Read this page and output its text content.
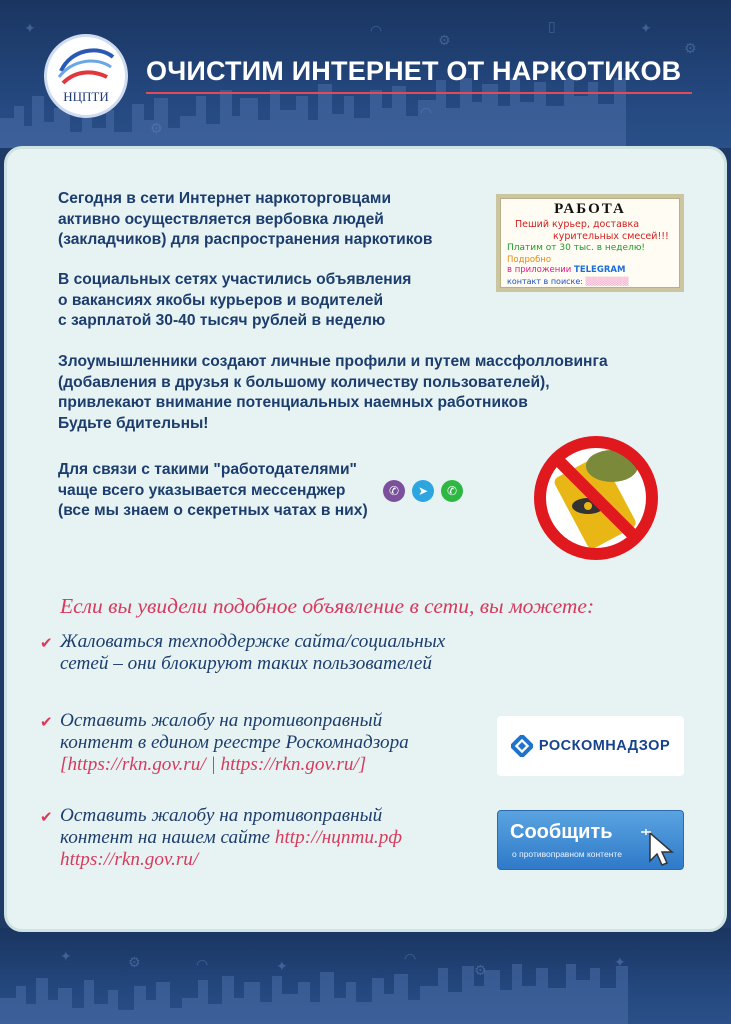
✦	◠
⚙
▯	✦
⚙
◠
⚙
НЦПТИ
ОЧИСТИМ ИНТЕРНЕТ ОТ НАРКОТИКОВ
✦	⚙	◠	✦	◠
⚙	✦
Сегодня в сети Интернет наркоторговцами
активно осуществляется вербовка людей
(закладчиков) для распространения наркотиков
В социальных сетях участились объявления
о вакансиях якобы курьеров и водителей
с зарплатой 30-40 тысяч рублей в неделю
Злоумышленники создают личные профили и путем массфолловинга
(добавления в друзья к большому количеству пользователей),
привлекают внимание потенциальных наемных работников
Будьте бдительны!
Для связи с такими "работодателями"
чаще всего указывается мессенджер
(все мы знаем о секретных чатах в них)
✆	➤	✆
РАБОТА
Пеший курьер, доставка
курительных смесей!!!
Платим от 30 тыс. в неделю!
Подробно
в приложении TELEGRAM
контакт в поиске: ▒▒▒▒▒▒▒
Если вы увидели подобное объявление в сети, вы можете:
✔ Жаловаться техподдержке сайта/социальных
сетей – они блокируют таких пользователей
✔ Оставить жалобу на противоправный
контент в едином реестре Роскомнадзора
[https://rkn.gov.ru/ | https://rkn.gov.ru/]
✔ Оставить жалобу на противоправный
контент на нашем сайте http://нцпти.рф
https://rkn.gov.ru/
РОСКОМНАДЗОР
Сообщить
о противоправном контенте
